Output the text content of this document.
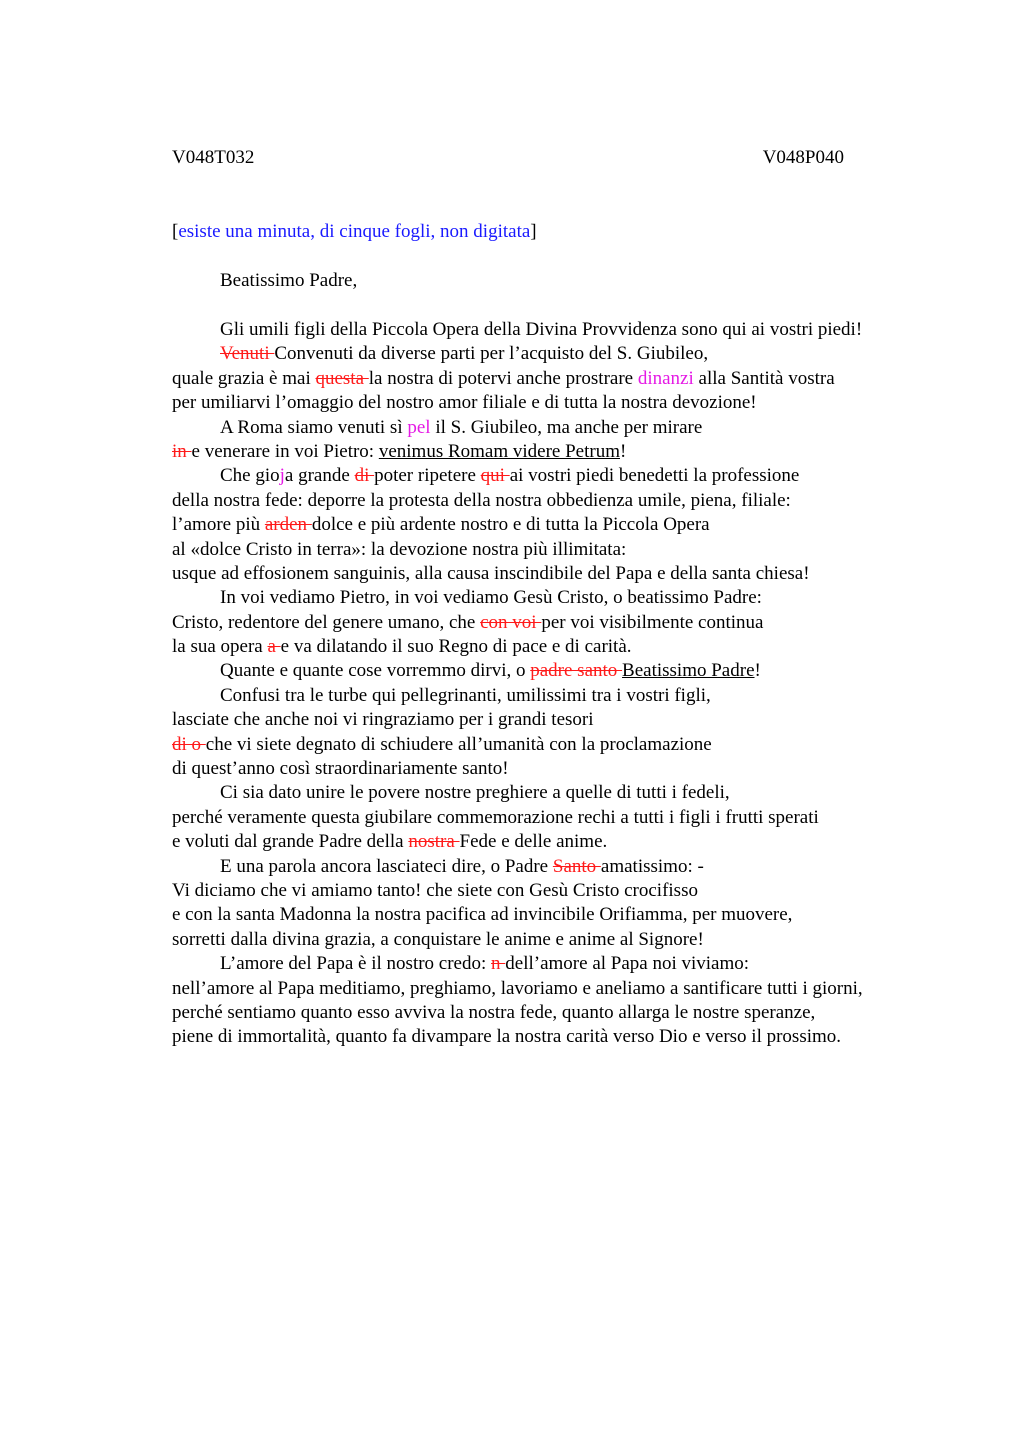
V048T032	V048P040
[esiste una minuta, di cinque fogli, non digitata]
Beatissimo Padre,
Gli umili figli della Piccola Opera della Divina Provvidenza sono qui ai vostri piedi!
Venuti Convenuti da diverse parti per l’acquisto del S. Giubileo,
quale grazia è mai questa la nostra di potervi anche prostrare dinanzi alla Santità vostra
per umiliarvi l’omaggio del nostro amor filiale e di tutta la nostra devozione!
A Roma siamo venuti sì pel il S. Giubileo, ma anche per mirare
in e venerare in voi Pietro: venimus Romam videre Petrum!
Che gioja grande di poter ripetere qui ai vostri piedi benedetti la professione
della nostra fede: deporre la protesta della nostra obbedienza umile, piena, filiale:
l’amore più arden dolce e più ardente nostro e di tutta la Piccola Opera
al «dolce Cristo in terra»: la devozione nostra più illimitata:
usque ad effosionem sanguinis, alla causa inscindibile del Papa e della santa chiesa!
In voi vediamo Pietro, in voi vediamo Gesù Cristo, o beatissimo Padre:
Cristo, redentore del genere umano, che con voi per voi visibilmente continua
la sua opera a e va dilatando il suo Regno di pace e di carità.
Quante e quante cose vorremmo dirvi, o padre santo Beatissimo Padre!
Confusi tra le turbe qui pellegrinanti, umilissimi tra i vostri figli,
lasciate che anche noi vi ringraziamo per i grandi tesori
di o che vi siete degnato di schiudere all’umanità con la proclamazione
di quest’anno così straordinariamente santo!
Ci sia dato unire le povere nostre preghiere a quelle di tutti i fedeli,
perché veramente questa giubilare commemorazione rechi a tutti i figli i frutti sperati
e voluti dal grande Padre della nostra Fede e delle anime.
E una parola ancora lasciateci dire, o Padre Santo amatissimo: -
Vi diciamo che vi amiamo tanto! che siete con Gesù Cristo crocifisso
e con la santa Madonna la nostra pacifica ad invincibile Orifiamma, per muovere,
sorretti dalla divina grazia, a conquistare le anime e anime al Signore!
L’amore del Papa è il nostro credo: n dell’amore al Papa noi viviamo:
nell’amore al Papa meditiamo, preghiamo, lavoriamo e aneliamo a santificare tutti i giorni,
perché sentiamo quanto esso avviva la nostra fede, quanto allarga le nostre speranze,
piene di immortalità, quanto fa divampare la nostra carità verso Dio e verso il prossimo.
